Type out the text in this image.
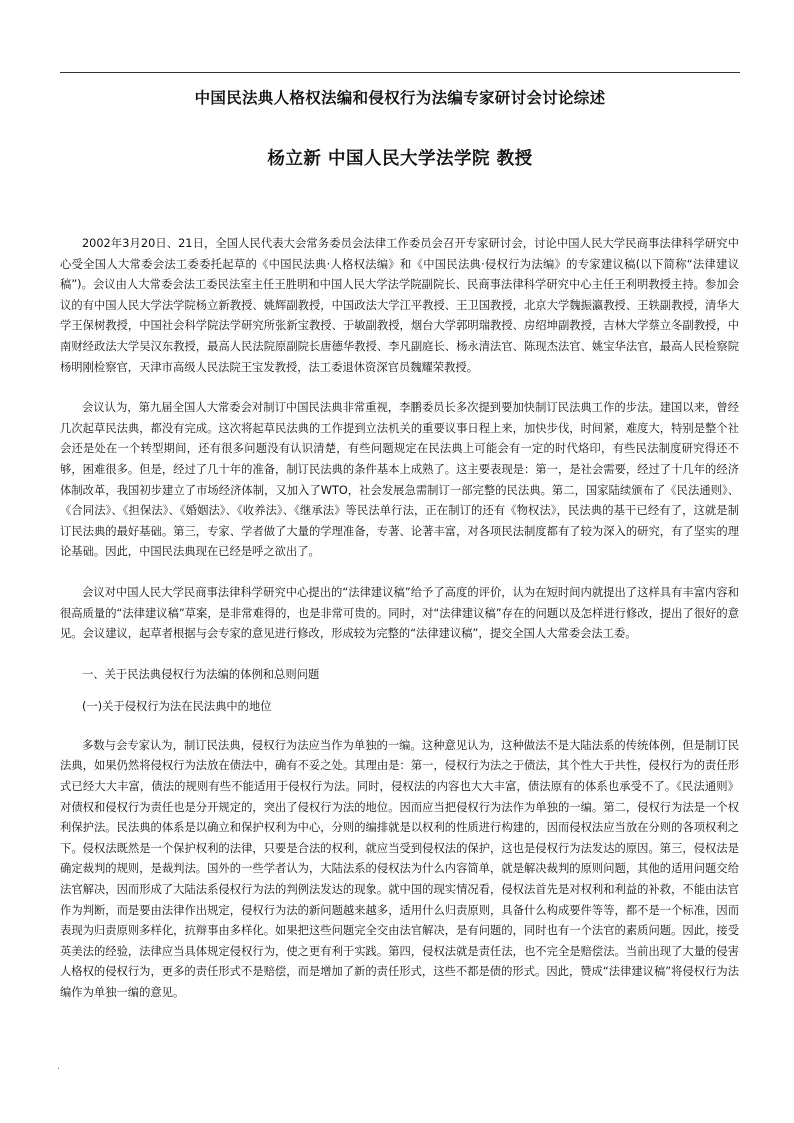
中国民法典人格权法编和侵权行为法编专家研讨会讨论综述
杨立新 中国人民大学法学院 教授

2002年3月20日、21日，全国人民代表大会常务委员会法律工作委员会召开专家研讨会，讨论中国人民大学民商事法律科学研究中心受全国人大常委会法工委委托起草的《中国民法典·人格权法编》和《中国民法典·侵权行为法编》的专家建议稿(以下简称“法律建议稿”)。会议由人大常委会法工委民法室主任王胜明和中国人民大学法学院副院长、民商事法律科学研究中心主任王利明教授主持。参加会议的有中国人民大学法学院杨立新教授、姚辉副教授，中国政法大学江平教授、王卫国教授，北京大学魏振瀛教授、王轶副教授，清华大学王保树教授，中国社会科学院法学研究所张新宝教授、于敏副教授，烟台大学郭明瑞教授、房绍坤副教授，吉林大学蔡立冬副教授，中南财经政法大学吴汉东教授，最高人民法院原副院长唐德华教授、李凡副庭长、杨永清法官、陈现杰法官、姚宝华法官，最高人民检察院杨明刚检察官，天津市高级人民法院王宝发教授，法工委退休资深官员魏耀荣教授。

会议认为，第九届全国人大常委会对制订中国民法典非常重视，李鹏委员长多次提到要加快制订民法典工作的步法。建国以来，曾经几次起草民法典，都没有完成。这次将起草民法典的工作提到立法机关的重要议事日程上来，加快步伐，时间紧，难度大，特别是整个社会还是处在一个转型期间，还有很多问题没有认识清楚，有些问题规定在民法典上可能会有一定的时代烙印，有些民法制度研究得还不够，困难很多。但是，经过了几十年的准备，制订民法典的条件基本上成熟了。这主要表现是：第一，是社会需要，经过了十几年的经济体制改革，我国初步建立了市场经济体制，又加入了WTO，社会发展急需制订一部完整的民法典。第二，国家陆续颁布了《民法通则》、《合同法》、《担保法》、《婚姻法》、《收养法》、《继承法》等民法单行法，正在制订的还有《物权法》，民法典的基干已经有了，这就是制订民法典的最好基础。第三，专家、学者做了大量的学理准备，专著、论著丰富，对各项民法制度都有了较为深入的研究，有了坚实的理论基础。因此，中国民法典现在已经是呼之欲出了。

会议对中国人民大学民商事法律科学研究中心提出的“法律建议稿”给予了高度的评价，认为在短时间内就提出了这样具有丰富内容和很高质量的“法律建议稿”草案，是非常难得的，也是非常可贵的。同时，对“法律建议稿”存在的问题以及怎样进行修改，提出了很好的意见。会议建议，起草者根据与会专家的意见进行修改，形成较为完整的“法律建议稿”，提交全国人大常委会法工委。

一、关于民法典侵权行为法编的体例和总则问题

(一)关于侵权行为法在民法典中的地位

多数与会专家认为，制订民法典，侵权行为法应当作为单独的一编。这种意见认为，这种做法不是大陆法系的传统体例，但是制订民法典，如果仍然将侵权行为法放在债法中，确有不妥之处。其理由是：第一，侵权行为法之于债法，其个性大于共性，侵权行为的责任形式已经大大丰富，债法的规则有些不能适用于侵权行为法。同时，侵权法的内容也大大丰富，债法原有的体系也承受不了。《民法通则》对债权和侵权行为责任也是分开规定的，突出了侵权行为法的地位。因而应当把侵权行为法作为单独的一编。第二，侵权行为法是一个权利保护法。民法典的体系是以确立和保护权利为中心，分则的编排就是以权利的性质进行构建的，因而侵权法应当放在分则的各项权利之下。侵权法既然是一个保护权利的法律，只要是合法的权利，就应当受到侵权法的保护，这也是侵权行为法发达的原因。第三，侵权法是确定裁判的规则，是裁判法。国外的一些学者认为，大陆法系的侵权法为什么内容简单，就是解决裁判的原则问题，其他的适用问题交给法官解决，因而形成了大陆法系侵权行为法的判例法发达的现象。就中国的现实情况看，侵权法首先是对权利和利益的补救，不能由法官作为判断，而是要由法律作出规定，侵权行为法的新问题越来越多，适用什么归责原则，具备什么构成要件等等，都不是一个标准，因而表现为归责原则多样化，抗辩事由多样化。如果把这些问题完全交由法官解决，是有问题的，同时也有一个法官的素质问题。因此，接受英美法的经验，法律应当具体规定侵权行为，使之更有利于实践。第四，侵权法就是责任法，也不完全是赔偿法。当前出现了大量的侵害人格权的侵权行为，更多的责任形式不是赔偿，而是增加了新的责任形式，这些不都是债的形式。因此，赞成“法律建议稿”将侵权行为法编作为单独一编的意见。

.
